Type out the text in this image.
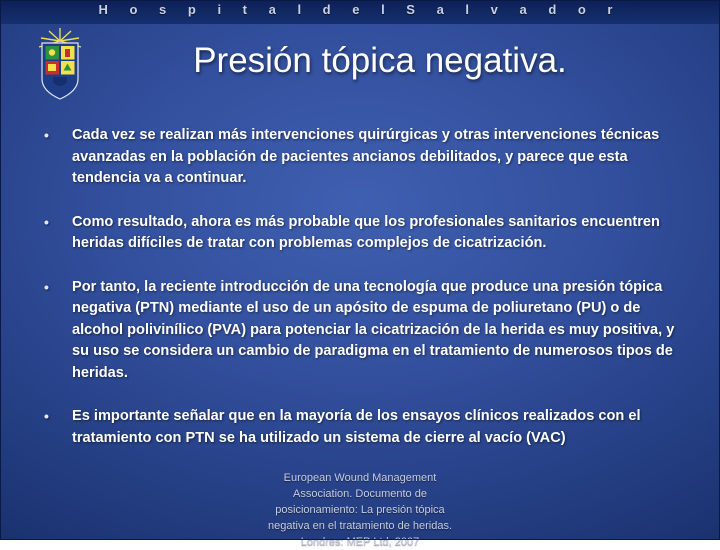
H o s p i t a l d e l S a l v a d o r
Presión tópica negativa.
• Cada vez se realizan más intervenciones quirúrgicas y otras intervenciones técnicas avanzadas en la población de pacientes ancianos debilitados, y parece que esta tendencia va a continuar.
• Como resultado, ahora es más probable que los profesionales sanitarios encuentren heridas difíciles de tratar con problemas complejos de cicatrización.
• Por tanto, la reciente introducción de una tecnología que produce una presión tópica negativa (PTN) mediante el uso de un apósito de espuma de poliuretano (PU) o de alcohol polivinílico (PVA) para potenciar la cicatrización de la herida es muy positiva, y su uso se considera un cambio de paradigma en el tratamiento de numerosos tipos de heridas.
• Es importante señalar que en la mayoría de los ensayos clínicos realizados con el tratamiento con PTN se ha utilizado un sistema de cierre al vacío (VAC)
European Wound Management
Association. Documento de
posicionamiento: La presión tópica
negativa en el tratamiento de heridas.
Londres: MEP Ltd, 2007
